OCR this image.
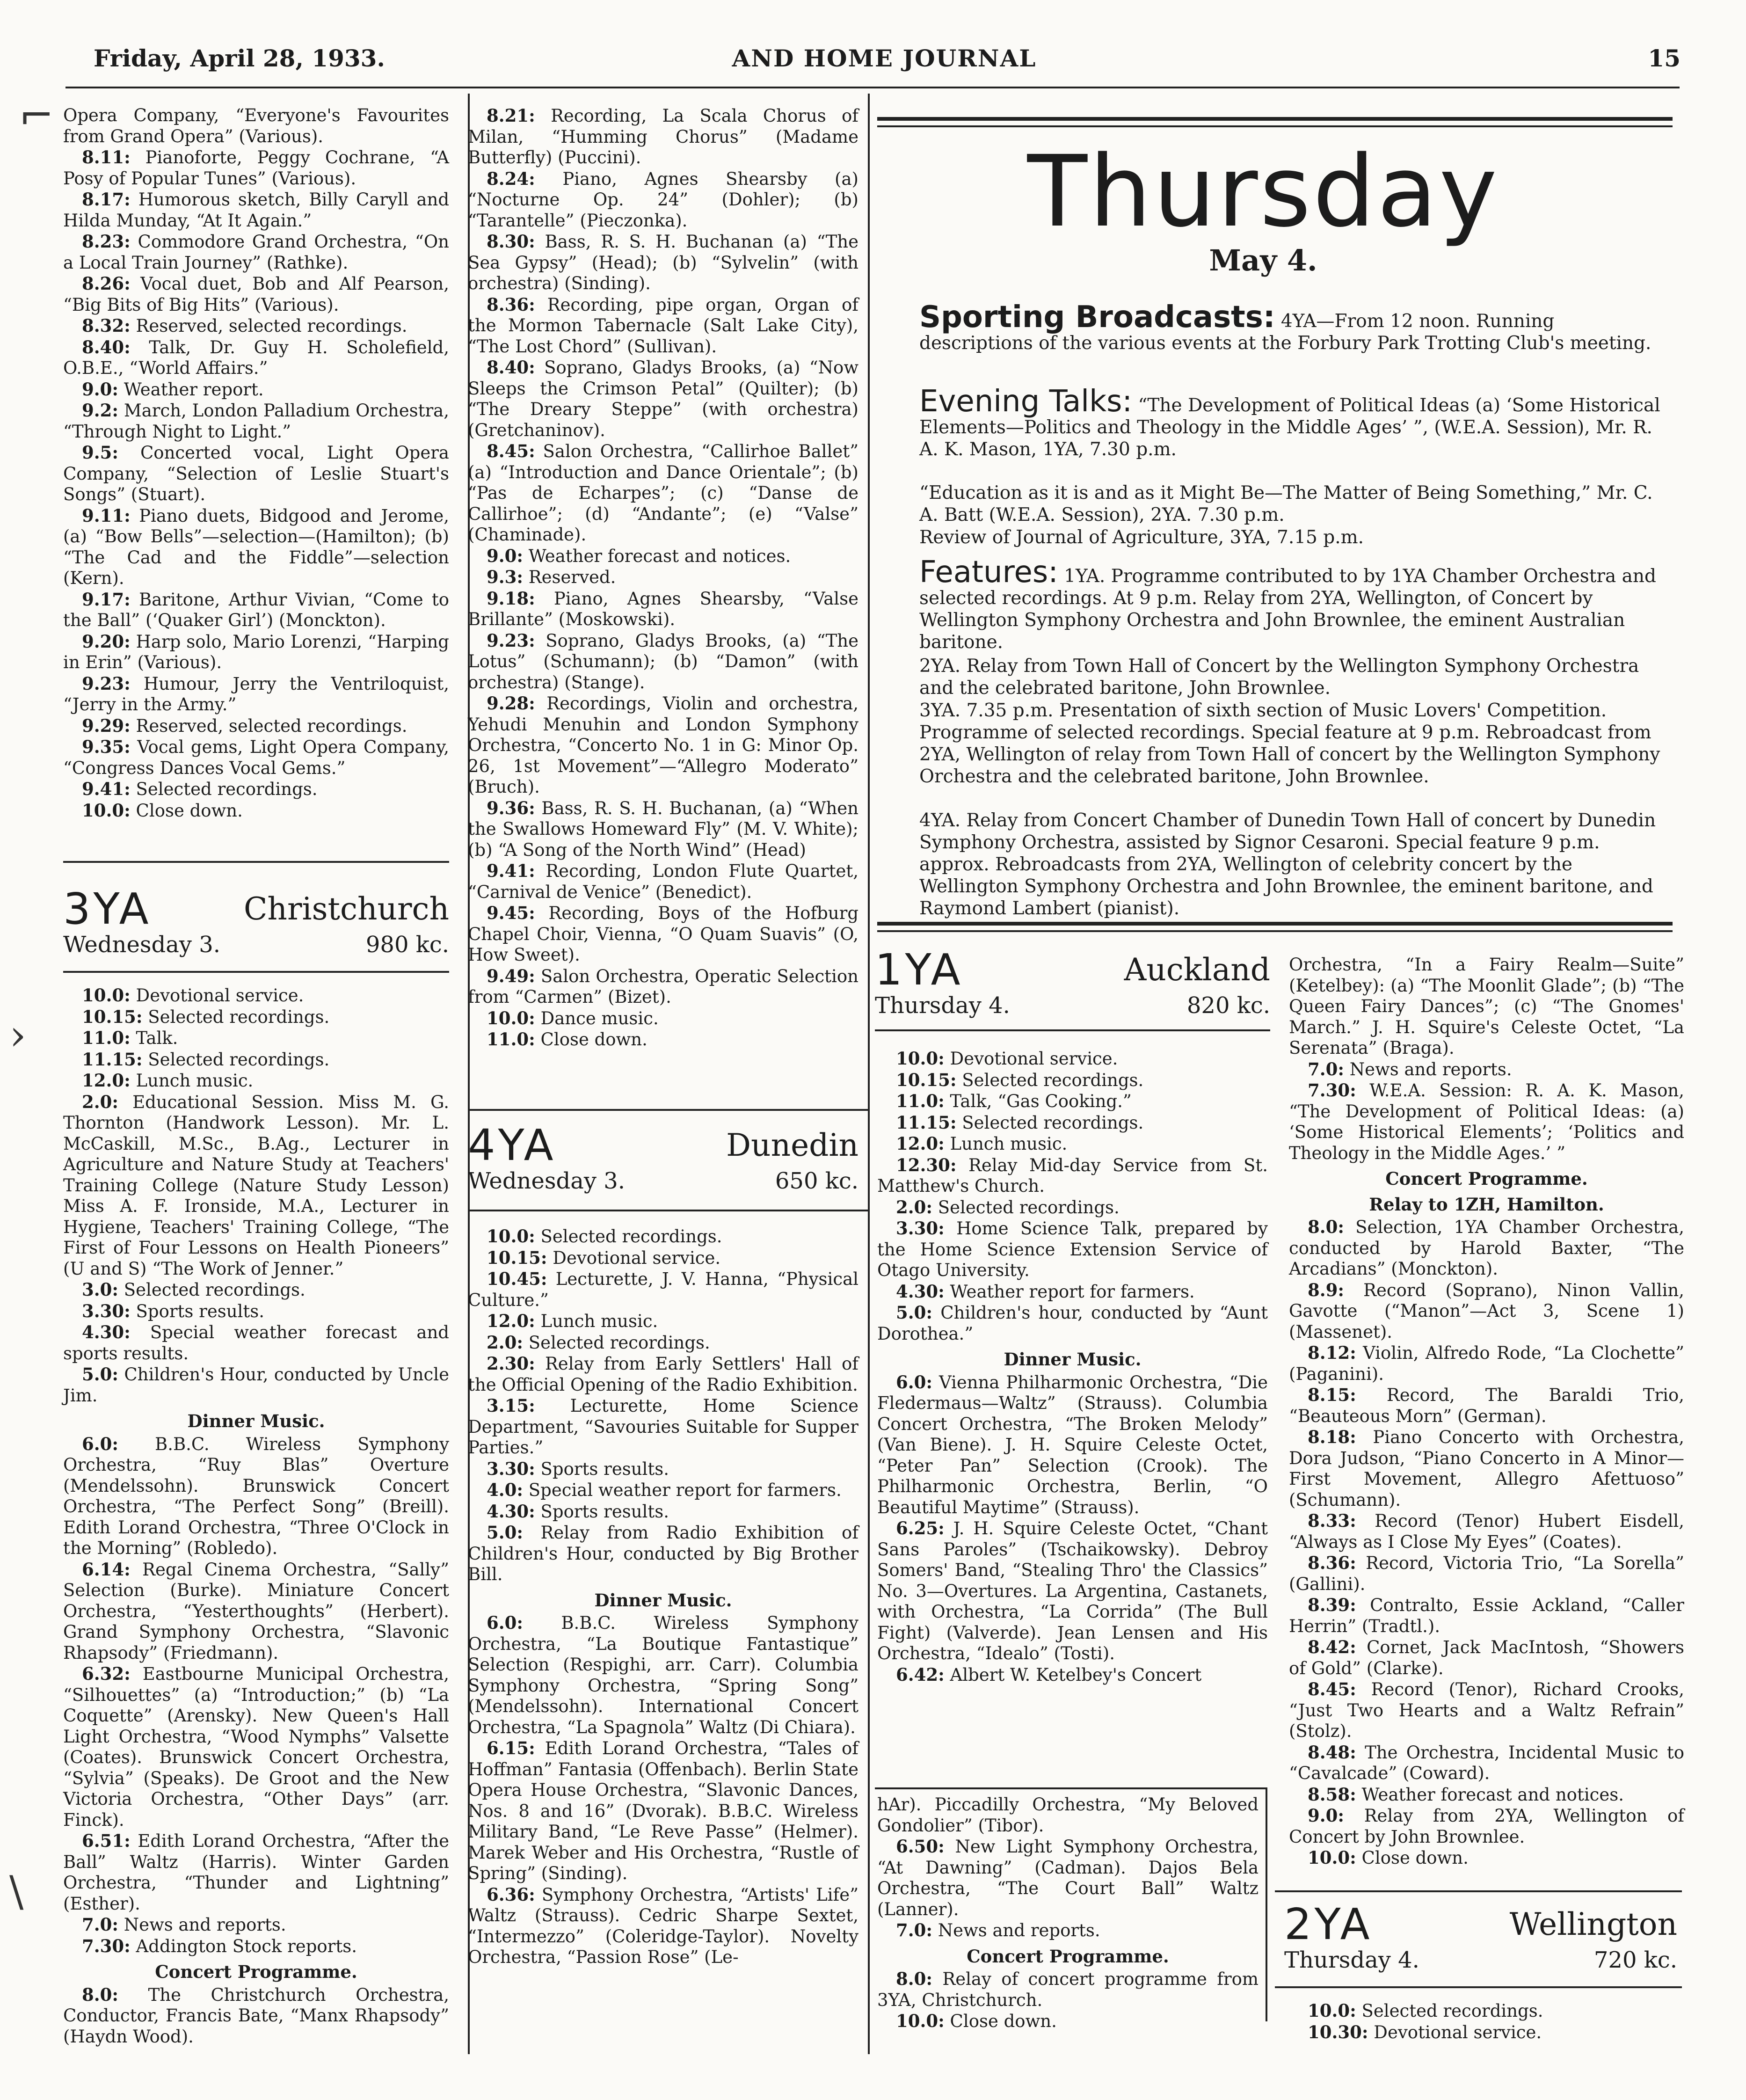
Friday, April 28, 1933.	AND HOME JOURNAL	15

Opera Company, “Everyone's Favourites from Grand Opera” (Various).

8.11: Pianoforte, Peggy Cochrane, “A Posy of Popular Tunes” (Various).

8.17: Humorous sketch, Billy Caryll and Hilda Munday, “At It Again.”

8.23: Commodore Grand Orchestra, “On a Local Train Journey” (Rathke).

8.26: Vocal duet, Bob and Alf Pearson, “Big Bits of Big Hits” (Various).

8.32: Reserved, selected recordings.

8.40: Talk, Dr. Guy H. Scholefield, O.B.E., “World Affairs.”

9.0: Weather report.

9.2: March, London Palladium Orchestra, “Through Night to Light.”

9.5: Concerted vocal, Light Opera Company, “Selection of Leslie Stuart's Songs” (Stuart).

9.11: Piano duets, Bidgood and Jerome, (a) “Bow Bells”—selection—(Hamilton); (b) “The Cad and the Fiddle”—selection (Kern).

9.17: Baritone, Arthur Vivian, “Come to the Ball” (‘Quaker Girl’) (Monckton).

9.20: Harp solo, Mario Lorenzi, “Harping in Erin” (Various).

9.23: Humour, Jerry the Ventriloquist, “Jerry in the Army.”

9.29: Reserved, selected recordings.

9.35: Vocal gems, Light Opera Company, “Congress Dances Vocal Gems.”

9.41: Selected recordings.

10.0: Close down.

3YA	Christchurch
Wednesday 3.	980 kc.

10.0: Devotional service.

10.15: Selected recordings.

11.0: Talk.

11.15: Selected recordings.

12.0: Lunch music.

2.0: Educational Session. Miss M. G. Thornton (Handwork Lesson). Mr. L. McCaskill, M.Sc., B.Ag., Lecturer in Agriculture and Nature Study at Teachers' Training College (Nature Study Lesson) Miss A. F. Ironside, M.A., Lecturer in Hygiene, Teachers' Training College, “The First of Four Lessons on Health Pioneers” (U and S) “The Work of Jenner.”

3.0: Selected recordings.

3.30: Sports results.

4.30: Special weather forecast and sports results.

5.0: Children's Hour, conducted by Uncle Jim.

Dinner Music.

6.0: B.B.C. Wireless Symphony Orchestra, “Ruy Blas” Overture (Mendelssohn). Brunswick Concert Orchestra, “The Perfect Song” (Breill). Edith Lorand Orchestra, “Three O'Clock in the Morning” (Robledo).

6.14: Regal Cinema Orchestra, “Sally” Selection (Burke). Miniature Concert Orchestra, “Yesterthoughts” (Herbert). Grand Symphony Orchestra, “Slavonic Rhapsody” (Friedmann).

6.32: Eastbourne Municipal Orchestra, “Silhouettes” (a) “Introduction;” (b) “La Coquette” (Arensky). New Queen's Hall Light Orchestra, “Wood Nymphs” Valsette (Coates). Brunswick Concert Orchestra, “Sylvia” (Speaks). De Groot and the New Victoria Orchestra, “Other Days” (arr. Finck).

6.51: Edith Lorand Orchestra, “After the Ball” Waltz (Harris). Winter Garden Orchestra, “Thunder and Lightning” (Esther).

7.0: News and reports.

7.30: Addington Stock reports.

Concert Programme.

8.0: The Christchurch Orchestra, Conductor, Francis Bate, “Manx Rhapsody” (Haydn Wood).

8.21: Recording, La Scala Chorus of Milan, “Humming Chorus” (Madame Butterfly) (Puccini).

8.24: Piano, Agnes Shearsby (a) “Nocturne Op. 24” (Dohler); (b) “Tarantelle” (Pieczonka).

8.30: Bass, R. S. H. Buchanan (a) “The Sea Gypsy” (Head); (b) “Sylvelin” (with orchestra) (Sinding).

8.36: Recording, pipe organ, Organ of the Mormon Tabernacle (Salt Lake City), “The Lost Chord” (Sullivan).

8.40: Soprano, Gladys Brooks, (a) “Now Sleeps the Crimson Petal” (Quilter); (b) “The Dreary Steppe” (with orchestra) (Gretchaninov).

8.45: Salon Orchestra, “Callirhoe Ballet” (a) “Introduction and Dance Orientale”; (b) “Pas de Echarpes”; (c) “Danse de Callirhoe”; (d) “Andante”; (e) “Valse” (Chaminade).

9.0: Weather forecast and notices.

9.3: Reserved.

9.18: Piano, Agnes Shearsby, “Valse Brillante” (Moskowski).

9.23: Soprano, Gladys Brooks, (a) “The Lotus” (Schumann); (b) “Damon” (with orchestra) (Stange).

9.28: Recordings, Violin and orchestra, Yehudi Menuhin and London Symphony Orchestra, “Concerto No. 1 in G: Minor Op. 26, 1st Movement”—“Allegro Moderato” (Bruch).

9.36: Bass, R. S. H. Buchanan, (a) “When the Swallows Homeward Fly” (M. V. White); (b) “A Song of the North Wind” (Head)

9.41: Recording, London Flute Quartet, “Carnival de Venice” (Benedict).

9.45: Recording, Boys of the Hofburg Chapel Choir, Vienna, “O Quam Suavis” (O, How Sweet).

9.49: Salon Orchestra, Operatic Selection from “Carmen” (Bizet).

10.0: Dance music.

11.0: Close down.

4YA	Dunedin
Wednesday 3.	650 kc.

10.0: Selected recordings.

10.15: Devotional service.

10.45: Lecturette, J. V. Hanna, “Physical Culture.”

12.0: Lunch music.

2.0: Selected recordings.

2.30: Relay from Early Settlers' Hall of the Official Opening of the Radio Exhibition.

3.15: Lecturette, Home Science Department, “Savouries Suitable for Supper Parties.”

3.30: Sports results.

4.0: Special weather report for farmers.

4.30: Sports results.

5.0: Relay from Radio Exhibition of Children's Hour, conducted by Big Brother Bill.

Dinner Music.

6.0: B.B.C. Wireless Symphony Orchestra, “La Boutique Fantastique” Selection (Respighi, arr. Carr). Columbia Symphony Orchestra, “Spring Song” (Mendelssohn). International Concert Orchestra, “La Spagnola” Waltz (Di Chiara).

6.15: Edith Lorand Orchestra, “Tales of Hoffman” Fantasia (Offenbach). Berlin State Opera House Orchestra, “Slavonic Dances, Nos. 8 and 16” (Dvorak). B.B.C. Wireless Military Band, “Le Reve Passe” (Helmer). Marek Weber and His Orchestra, “Rustle of Spring” (Sinding).

6.36: Symphony Orchestra, “Artists' Life” Waltz (Strauss). Cedric Sharpe Sextet, “Intermezzo” (Coleridge-Taylor). Novelty Orchestra, “Passion Rose” (Le-

Thursday
May 4.
Sporting Broadcasts: 4YA—From 12 noon. Running descriptions of the various events at the Forbury Park Trotting Club's meeting.
Evening Talks: “The Development of Political Ideas (a) ‘Some Historical Elements—Politics and Theology in the Middle Ages’ ”, (W.E.A. Session), Mr. R. A. K. Mason, 1YA, 7.30 p.m.
“Education as it is and as it Might Be—The Matter of Being Something,” Mr. C. A. Batt (W.E.A. Session), 2YA. 7.30 p.m.
Review of Journal of Agriculture, 3YA, 7.15 p.m.
Features: 1YA. Programme contributed to by 1YA Chamber Orchestra and selected recordings. At 9 p.m. Relay from 2YA, Wellington, of Concert by Wellington Symphony Orchestra and John Brownlee, the eminent Australian baritone.
2YA. Relay from Town Hall of Concert by the Wellington Symphony Orchestra and the celebrated baritone, John Brownlee.
3YA. 7.35 p.m. Presentation of sixth section of Music Lovers' Competition. Programme of selected recordings. Special feature at 9 p.m. Rebroadcast from 2YA, Wellington of relay from Town Hall of concert by the Wellington Symphony Orchestra and the celebrated baritone, John Brownlee.
4YA. Relay from Concert Chamber of Dunedin Town Hall of concert by Dunedin Symphony Orchestra, assisted by Signor Cesaroni. Special feature 9 p.m. approx. Rebroadcasts from 2YA, Wellington of celebrity concert by the Wellington Symphony Orchestra and John Brownlee, the eminent baritone, and Raymond Lambert (pianist).
1YA	Auckland
Thursday 4.	820 kc.

10.0: Devotional service.

10.15: Selected recordings.

11.0: Talk, “Gas Cooking.”

11.15: Selected recordings.

12.0: Lunch music.

12.30: Relay Mid-day Service from St. Matthew's Church.

2.0: Selected recordings.

3.30: Home Science Talk, prepared by the Home Science Extension Service of Otago University.

4.30: Weather report for farmers.

5.0: Children's hour, conducted by “Aunt Dorothea.”

Dinner Music.

6.0: Vienna Philharmonic Orchestra, “Die Fledermaus—Waltz” (Strauss). Columbia Concert Orchestra, “The Broken Melody” (Van Biene). J. H. Squire Celeste Octet, “Peter Pan” Selection (Crook). The Philharmonic Orchestra, Berlin, “O Beautiful Maytime” (Strauss).

6.25: J. H. Squire Celeste Octet, “Chant Sans Paroles” (Tschaikowsky). Debroy Somers' Band, “Stealing Thro' the Classics” No. 3—Overtures. La Argentina, Castanets, with Orchestra, “La Corrida” (The Bull Fight) (Valverde). Jean Lensen and His Orchestra, “Idealo” (Tosti).

6.42: Albert W. Ketelbey's Concert

Orchestra, “In a Fairy Realm—Suite” (Ketelbey): (a) “The Moonlit Glade”; (b) “The Queen Fairy Dances”; (c) “The Gnomes' March.” J. H. Squire's Celeste Octet, “La Serenata” (Braga).

7.0: News and reports.

7.30: W.E.A. Session: R. A. K. Mason, “The Development of Political Ideas: (a) ‘Some Historical Elements’; ‘Politics and Theology in the Middle Ages.’ ”

Concert Programme.

Relay to 1ZH, Hamilton.

8.0: Selection, 1YA Chamber Orchestra, conducted by Harold Baxter, “The Arcadians” (Monckton).

8.9: Record (Soprano), Ninon Vallin, Gavotte (“Manon”—Act 3, Scene 1) (Massenet).

8.12: Violin, Alfredo Rode, “La Clochette” (Paganini).

8.15: Record, The Baraldi Trio, “Beauteous Morn” (German).

8.18: Piano Concerto with Orchestra, Dora Judson, “Piano Concerto in A Minor—First Movement, Allegro Afettuoso” (Schumann).

8.33: Record (Tenor) Hubert Eisdell, “Always as I Close My Eyes” (Coates).

8.36: Record, Victoria Trio, “La Sorella” (Gallini).

8.39: Contralto, Essie Ackland, “Caller Herrin” (Tradtl.).

8.42: Cornet, Jack MacIntosh, “Showers of Gold” (Clarke).

8.45: Record (Tenor), Richard Crooks, “Just Two Hearts and a Waltz Refrain” (Stolz).

8.48: The Orchestra, Incidental Music to “Cavalcade” (Coward).

8.58: Weather forecast and notices.

9.0: Relay from 2YA, Wellington of Concert by John Brownlee.

10.0: Close down.

hAr). Piccadilly Orchestra, “My Beloved Gondolier” (Tibor).

6.50: New Light Symphony Orchestra, “At Dawning” (Cadman). Dajos Bela Orchestra, “The Court Ball” Waltz (Lanner).

7.0: News and reports.

Concert Programme.

8.0: Relay of concert programme from 3YA, Christchurch.

10.0: Close down.

2YA	Wellington
Thursday 4.	720 kc.

10.0: Selected recordings.

10.30: Devotional service.

⌐
›
\
